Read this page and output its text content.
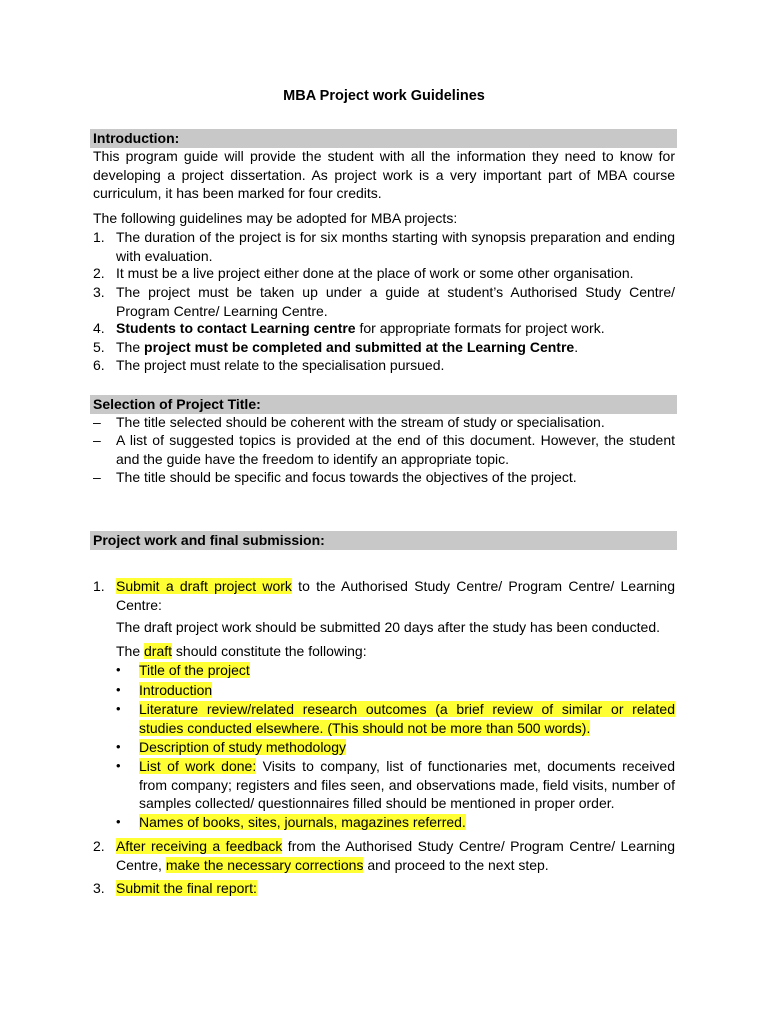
MBA Project work Guidelines
Introduction:
This program guide will provide the student with all the information they need to know for developing a project dissertation. As project work is a very important part of MBA course curriculum, it has been marked for four credits.
The following guidelines may be adopted for MBA projects:
1. The duration of the project is for six months starting with synopsis preparation and ending with evaluation.
2. It must be a live project either done at the place of work or some other organisation.
3. The project must be taken up under a guide at student’s Authorised Study Centre/ Program Centre/ Learning Centre.
4. Students to contact Learning centre for appropriate formats for project work.
5. The project must be completed and submitted at the Learning Centre.
6. The project must relate to the specialisation pursued.
Selection of Project Title:
– The title selected should be coherent with the stream of study or specialisation.
– A list of suggested topics is provided at the end of this document. However, the student and the guide have the freedom to identify an appropriate topic.
– The title should be specific and focus towards the objectives of the project.
Project work and final submission:
1. Submit a draft project work to the Authorised Study Centre/ Program Centre/ Learning Centre:
The draft project work should be submitted 20 days after the study has been conducted.
The draft should constitute the following:
• Title of the project
• Introduction
• Literature review/related research outcomes (a brief review of similar or related studies conducted elsewhere. (This should not be more than 500 words).
• Description of study methodology
• List of work done: Visits to company, list of functionaries met, documents received from company; registers and files seen, and observations made, field visits, number of samples collected/ questionnaires filled should be mentioned in proper order.
• Names of books, sites, journals, magazines referred.
2. After receiving a feedback from the Authorised Study Centre/ Program Centre/ Learning Centre, make the necessary corrections and proceed to the next step.
3. Submit the final report:
